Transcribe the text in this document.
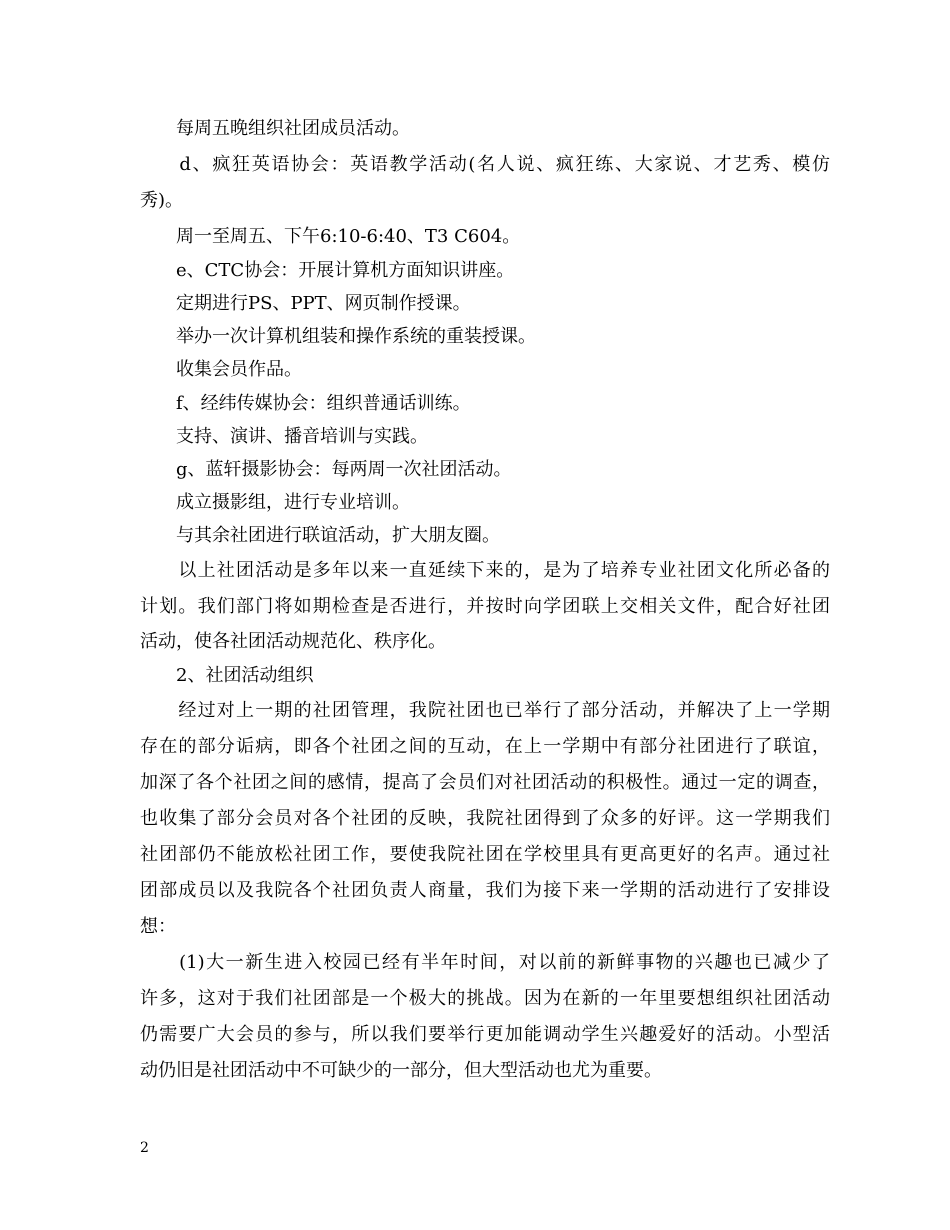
　　每周五晚组织社团成员活动。
　　d、疯狂英语协会：英语教学活动(名人说、疯狂练、大家说、才艺秀、模仿
秀)。
　　周一至周五、下午6:10-6:40、T3 C604。
　　e、CTC协会：开展计算机方面知识讲座。
　　定期进行PS、PPT、网页制作授课。
　　举办一次计算机组装和操作系统的重装授课。
　　收集会员作品。
　　f、经纬传媒协会：组织普通话训练。
　　支持、演讲、播音培训与实践。
　　g、蓝轩摄影协会：每两周一次社团活动。
　　成立摄影组，进行专业培训。
　　与其余社团进行联谊活动，扩大朋友圈。
　　以上社团活动是多年以来一直延续下来的，是为了培养专业社团文化所必备的
计划。我们部门将如期检查是否进行，并按时向学团联上交相关文件，配合好社团
活动，使各社团活动规范化、秩序化。
　　2、社团活动组织
　　经过对上一期的社团管理，我院社团也已举行了部分活动，并解决了上一学期
存在的部分诟病，即各个社团之间的互动，在上一学期中有部分社团进行了联谊，
加深了各个社团之间的感情，提高了会员们对社团活动的积极性。通过一定的调查，
也收集了部分会员对各个社团的反映，我院社团得到了众多的好评。这一学期我们
社团部仍不能放松社团工作，要使我院社团在学校里具有更高更好的名声。通过社
团部成员以及我院各个社团负责人商量，我们为接下来一学期的活动进行了安排设
想：
　　(1)大一新生进入校园已经有半年时间，对以前的新鲜事物的兴趣也已减少了
许多，这对于我们社团部是一个极大的挑战。因为在新的一年里要想组织社团活动
仍需要广大会员的参与，所以我们要举行更加能调动学生兴趣爱好的活动。小型活
动仍旧是社团活动中不可缺少的一部分，但大型活动也尤为重要。
2
